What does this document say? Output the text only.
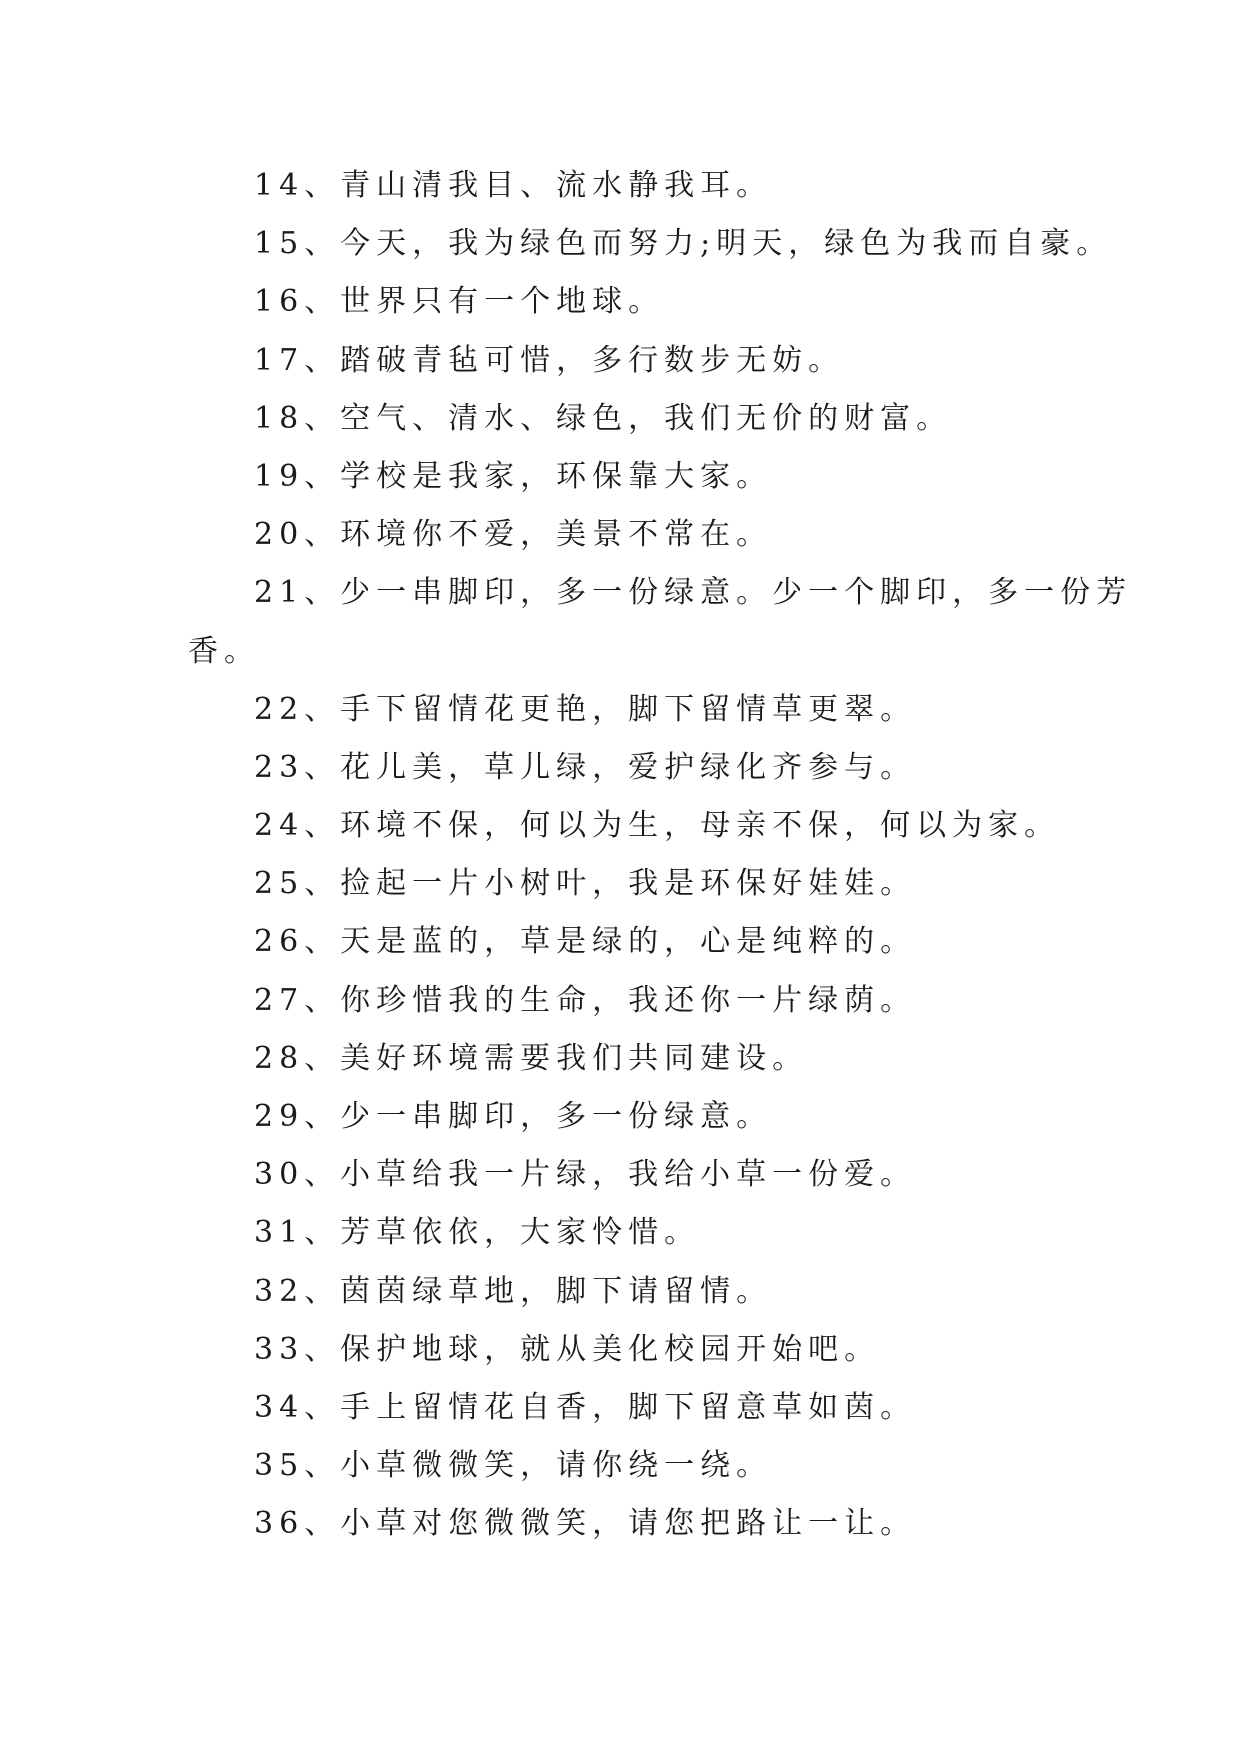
14、青山清我目、流水静我耳。
15、今天，我为绿色而努力;明天，绿色为我而自豪。
16、世界只有一个地球。
17、踏破青毡可惜，多行数步无妨。
18、空气、清水、绿色，我们无价的财富。
19、学校是我家，环保靠大家。
20、环境你不爱，美景不常在。
21、少一串脚印，多一份绿意。少一个脚印，多一份芳
香。
22、手下留情花更艳，脚下留情草更翠。
23、花儿美，草儿绿，爱护绿化齐参与。
24、环境不保，何以为生，母亲不保，何以为家。
25、捡起一片小树叶，我是环保好娃娃。
26、天是蓝的，草是绿的，心是纯粹的。
27、你珍惜我的生命，我还你一片绿荫。
28、美好环境需要我们共同建设。
29、少一串脚印，多一份绿意。
30、小草给我一片绿，我给小草一份爱。
31、芳草依依，大家怜惜。
32、茵茵绿草地，脚下请留情。
33、保护地球，就从美化校园开始吧。
34、手上留情花自香，脚下留意草如茵。
35、小草微微笑，请你绕一绕。
36、小草对您微微笑，请您把路让一让。
